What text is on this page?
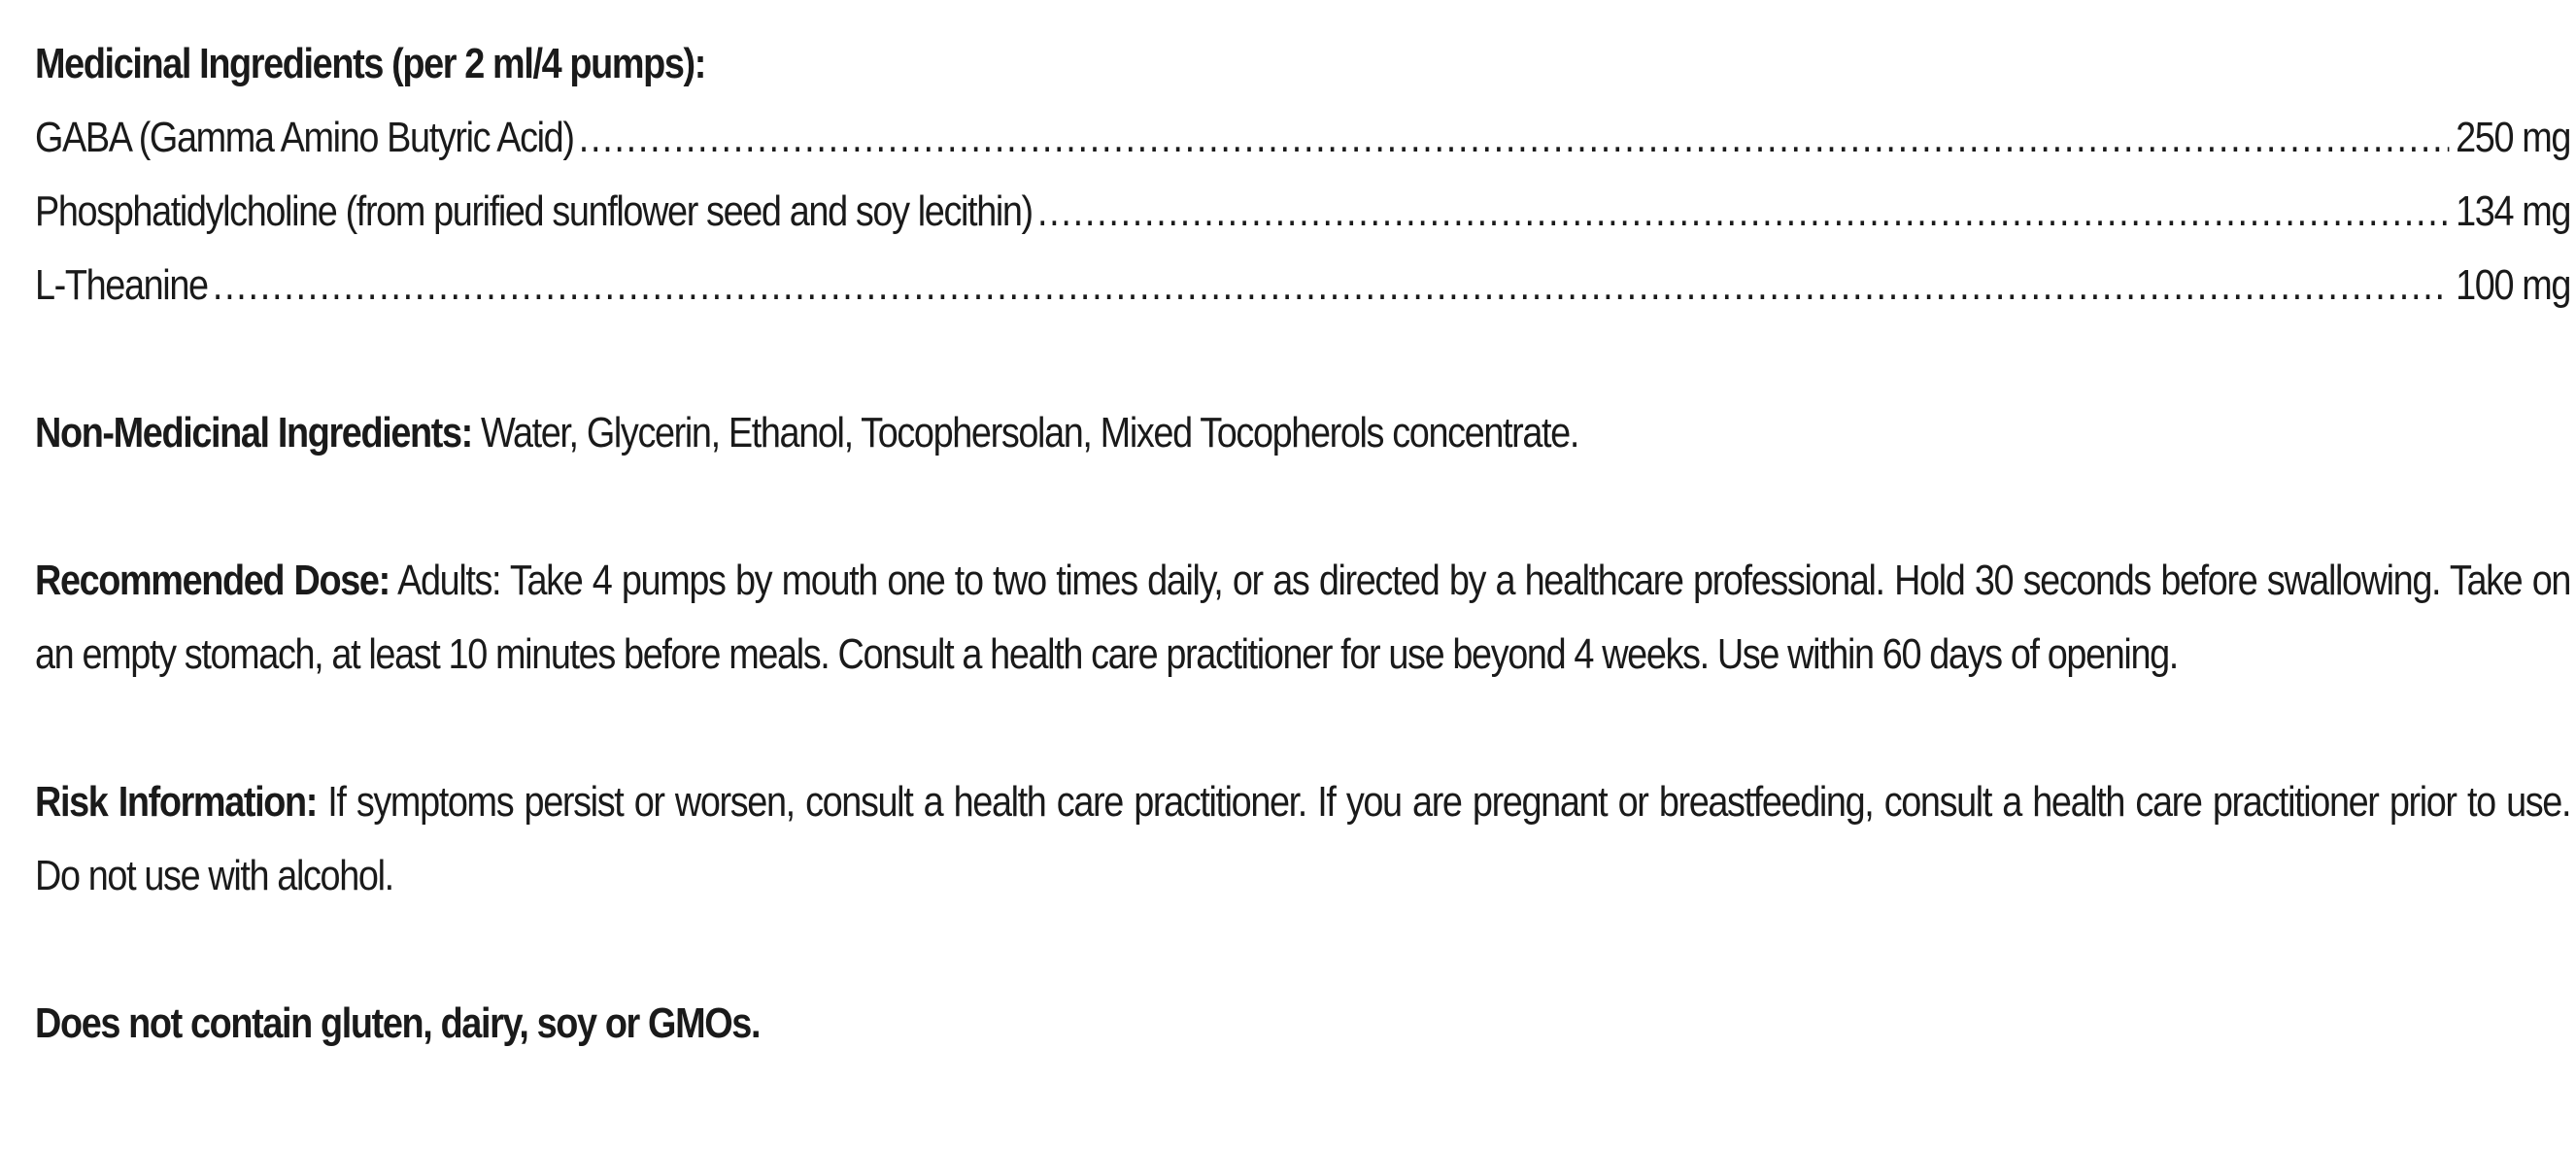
Medicinal Ingredients (per 2 ml/4 pumps):
GABA (Gamma Amino Butyric Acid) .....	250 mg
Phosphatidylcholine (from purified sunflower seed and soy lecithin) .....	134 mg
L-Theanine .....	100 mg
Non-Medicinal Ingredients: Water, Glycerin, Ethanol, Tocophersolan, Mixed Tocopherols concentrate.
Recommended Dose: Adults: Take 4 pumps by mouth one to two times daily, or as directed by a healthcare professional. Hold 30 seconds before swallowing. Take on an empty stomach, at least 10 minutes before meals. Consult a health care practitioner for use beyond 4 weeks. Use within 60 days of opening.
Risk Information: If symptoms persist or worsen, consult a health care practitioner. If you are pregnant or breastfeeding, consult a health care practitioner prior to use. Do not use with alcohol.
Does not contain gluten, dairy, soy or GMOs.
